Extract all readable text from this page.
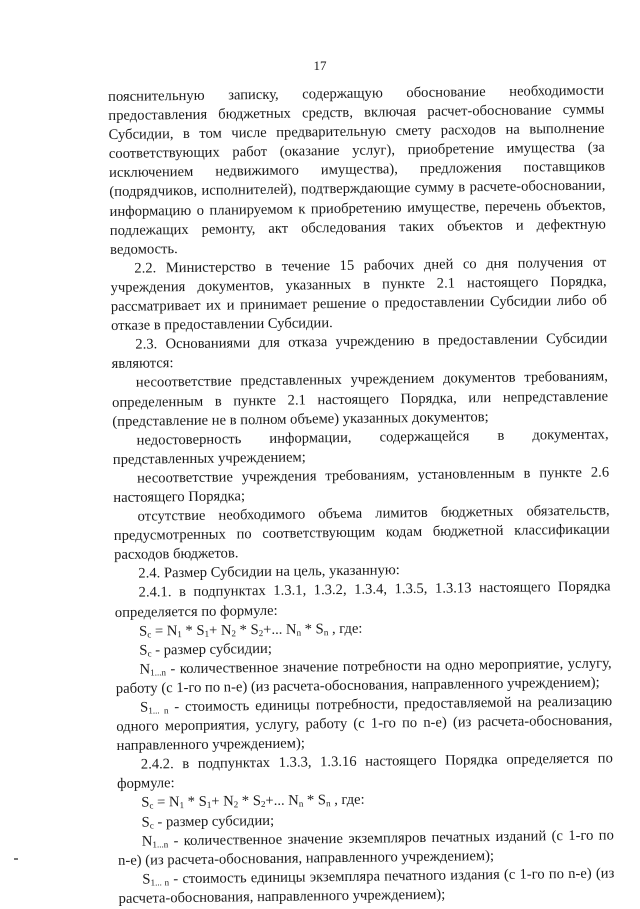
17

пояснительную записку, содержащую обоснование необходимости предоставления бюджетных средств, включая расчет-обоснование суммы Субсидии, в том числе предварительную смету расходов на выполнение соответствующих работ (оказание услуг), приобретение имущества (за исключением недвижимого имущества), предложения поставщиков (подрядчиков, исполнителей), подтверждающие сумму в расчете-обосновании, информацию о планируемом к приобретению имуществе, перечень объектов, подлежащих ремонту, акт обследования таких объектов и дефектную ведомость.

2.2. Министерство в течение 15 рабочих дней со дня получения от учреждения документов, указанных в пункте 2.1 настоящего Порядка, рассматривает их и принимает решение о предоставлении Субсидии либо об отказе в предоставлении Субсидии.

2.3. Основаниями для отказа учреждению в предоставлении Субсидии являются:

несоответствие представленных учреждением документов требованиям, определенным в пункте 2.1 настоящего Порядка, или непредставление (представление не в полном объеме) указанных документов;

недостоверность информации, содержащейся в документах, представленных учреждением;

несоответствие учреждения требованиям, установленным в пункте 2.6 настоящего Порядка;

отсутствие необходимого объема лимитов бюджетных обязательств, предусмотренных по соответствующим кодам бюджетной классификации расходов бюджетов.

2.4. Размер Субсидии на цель, указанную:

2.4.1. в подпунктах 1.3.1, 1.3.2, 1.3.4, 1.3.5, 1.3.13 настоящего Порядка определяется по формуле:

$S_с = N_1 * S_1+ N_2 * S_2+$... $N_n * S_n$ , где:

$S_с$ - размер субсидии;

$N_{1...n}$ - количественное значение потребности на одно мероприятие, услугу, работу (с 1-го по n-е) (из расчета-обоснования, направленного учреждением);

$S_{1... n}$ - стоимость единицы потребности, предоставляемой на реализацию одного мероприятия, услугу, работу (с 1-го по n-е) (из расчета-обоснования, направленного учреждением);

2.4.2. в подпунктах 1.3.3, 1.3.16 настоящего Порядка определяется по формуле:

$S_с = N_1 * S_1+ N_2 * S_2+$... $N_n * S_n$ , где:

$S_с$ - размер субсидии;

$N_{1...n}$ - количественное значение экземпляров печатных изданий (с 1-го по n-е) (из расчета-обоснования, направленного учреждением);

$S_{1... n}$ - стоимость единицы экземпляра печатного издания (с 1-го по n-е) (из расчета-обоснования, направленного учреждением);
